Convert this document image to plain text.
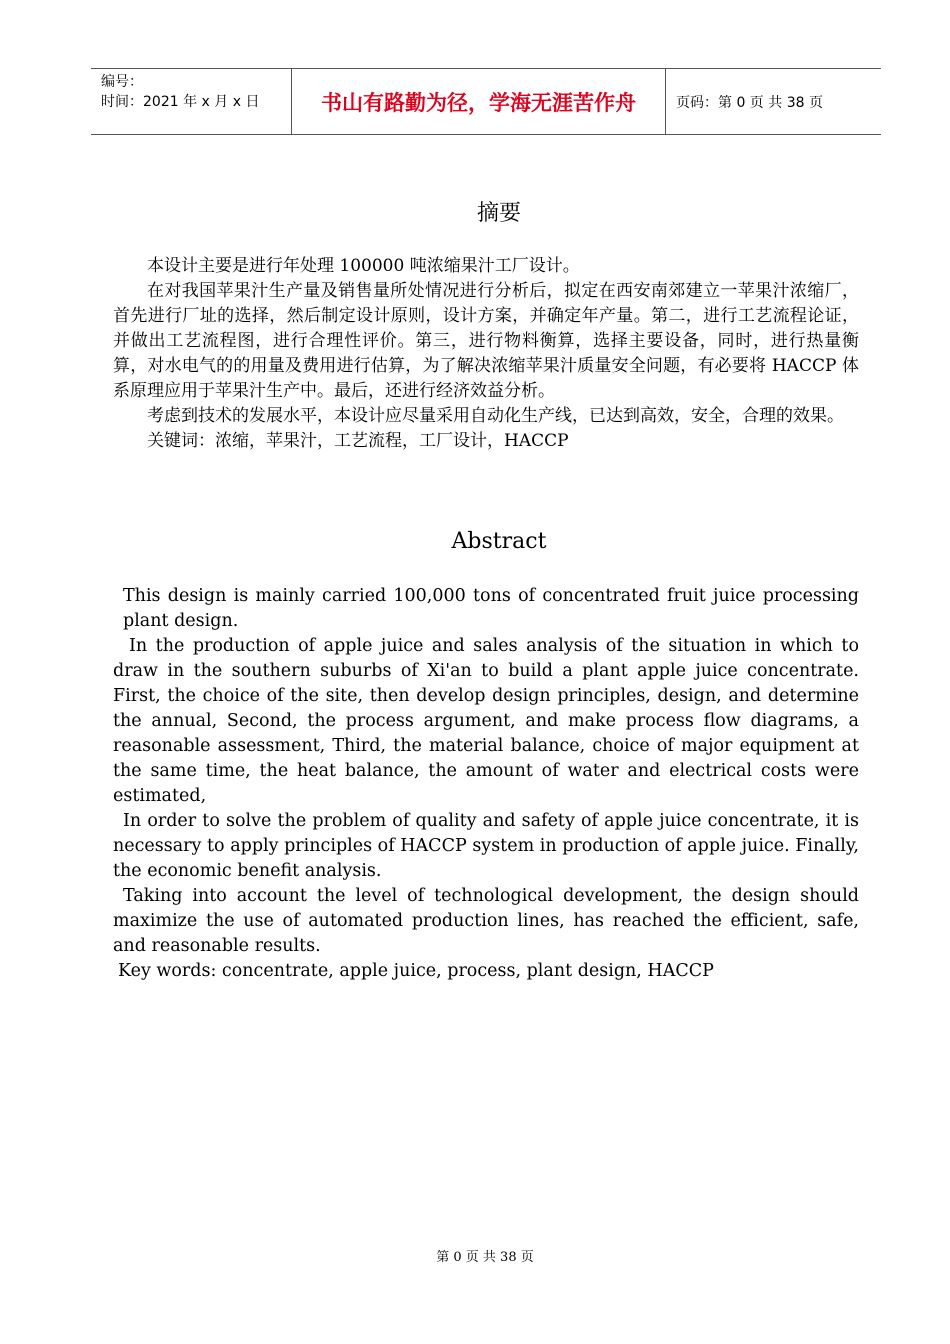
编号：
时间：2021 年 x 月 x 日	书山有路勤为径，学海无涯苦作舟	页码：第 0 页 共 38 页
摘要

本设计主要是进行年处理 100000 吨浓缩果汁工厂设计。

在对我国苹果汁生产量及销售量所处情况进行分析后，拟定在西安南郊建立一苹果汁浓缩厂，首先进行厂址的选择，然后制定设计原则，设计方案，并确定年产量。第二，进行工艺流程论证，并做出工艺流程图，进行合理性评价。第三，进行物料衡算，选择主要设备，同时，进行热量衡算，对水电气的的用量及费用进行估算，为了解决浓缩苹果汁质量安全问题，有必要将 HACCP 体系原理应用于苹果汁生产中。最后，还进行经济效益分析。

考虑到技术的发展水平，本设计应尽量采用自动化生产线，已达到高效，安全，合理的效果。

关键词：浓缩，苹果汁，工艺流程，工厂设计，HACCP

Abstract

This design is mainly carried 100,000 tons of concentrated fruit juice processing plant design.

In the production of apple juice and sales analysis of the situation in which to draw in the southern suburbs of Xi'an to build a plant apple juice concentrate. First, the choice of the site, then develop design principles, design, and determine the annual, Second, the process argument, and make process flow diagrams, a reasonable assessment, Third, the material balance, choice of major equipment at the same time, the heat balance, the amount of water and electrical costs were estimated,

In order to solve the problem of quality and safety of apple juice concentrate, it is necessary to apply principles of HACCP system in production of apple juice. Finally, the economic benefit analysis.

Taking into account the level of technological development, the design should maximize the use of automated production lines, has reached the efficient, safe, and reasonable results.

Key words: concentrate, apple juice, process, plant design, HACCP

第 0 页 共 38 页
